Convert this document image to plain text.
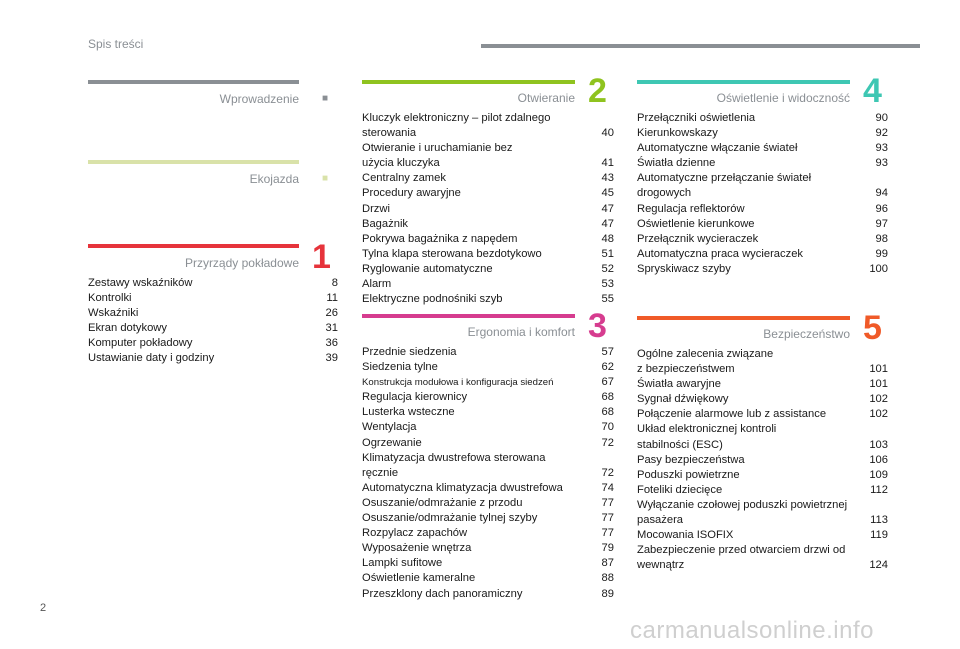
Spis treści
Wprowadzenie ■
Ekojazda ■
Przyrządy pokładowe 1
Zestawy wskaźników	8
Kontrolki	11
Wskaźniki	26
Ekran dotykowy	31
Komputer pokładowy	36
Ustawianie daty i godziny	39
Otwieranie 2
Kluczyk elektroniczny – pilot zdalnego
sterowania	40
Otwieranie i uruchamianie bez
użycia kluczyka	41
Centralny zamek	43
Procedury awaryjne	45
Drzwi	47
Bagażnik	47
Pokrywa bagażnika z napędem	48
Tylna klapa sterowana bezdotykowo	51
Ryglowanie automatyczne	52
Alarm	53
Elektryczne podnośniki szyb	55
Ergonomia i komfort 3
Przednie siedzenia	57
Siedzenia tylne	62
Konstrukcja modułowa i konfiguracja siedzeń	67
Regulacja kierownicy	68
Lusterka wsteczne	68
Wentylacja	70
Ogrzewanie	72
Klimatyzacja dwustrefowa sterowana
ręcznie	72
Automatyczna klimatyzacja dwustrefowa	74
Osuszanie/odmrażanie z przodu	77
Osuszanie/odmrażanie tylnej szyby	77
Rozpylacz zapachów	77
Wyposażenie wnętrza	79
Lampki sufitowe	87
Oświetlenie kameralne	88
Przeszklony dach panoramiczny	89
Oświetlenie i widoczność 4
Przełączniki oświetlenia	90
Kierunkowskazy	92
Automatyczne włączanie świateł	93
Światła dzienne	93
Automatyczne przełączanie świateł
drogowych	94
Regulacja reflektorów	96
Oświetlenie kierunkowe	97
Przełącznik wycieraczek	98
Automatyczna praca wycieraczek	99
Spryskiwacz szyby	100
Bezpieczeństwo 5
Ogólne zalecenia związane
z bezpieczeństwem	101
Światła awaryjne	101
Sygnał dźwiękowy	102
Połączenie alarmowe lub z assistance	102
Układ elektronicznej kontroli
stabilności (ESC)	103
Pasy bezpieczeństwa	106
Poduszki powietrzne	109
Foteliki dziecięce	112
Wyłączanie czołowej poduszki powietrznej
pasażera	113
Mocowania ISOFIX	119
Zabezpieczenie przed otwarciem drzwi od
wewnątrz	124
2
carmanualsonline.info
